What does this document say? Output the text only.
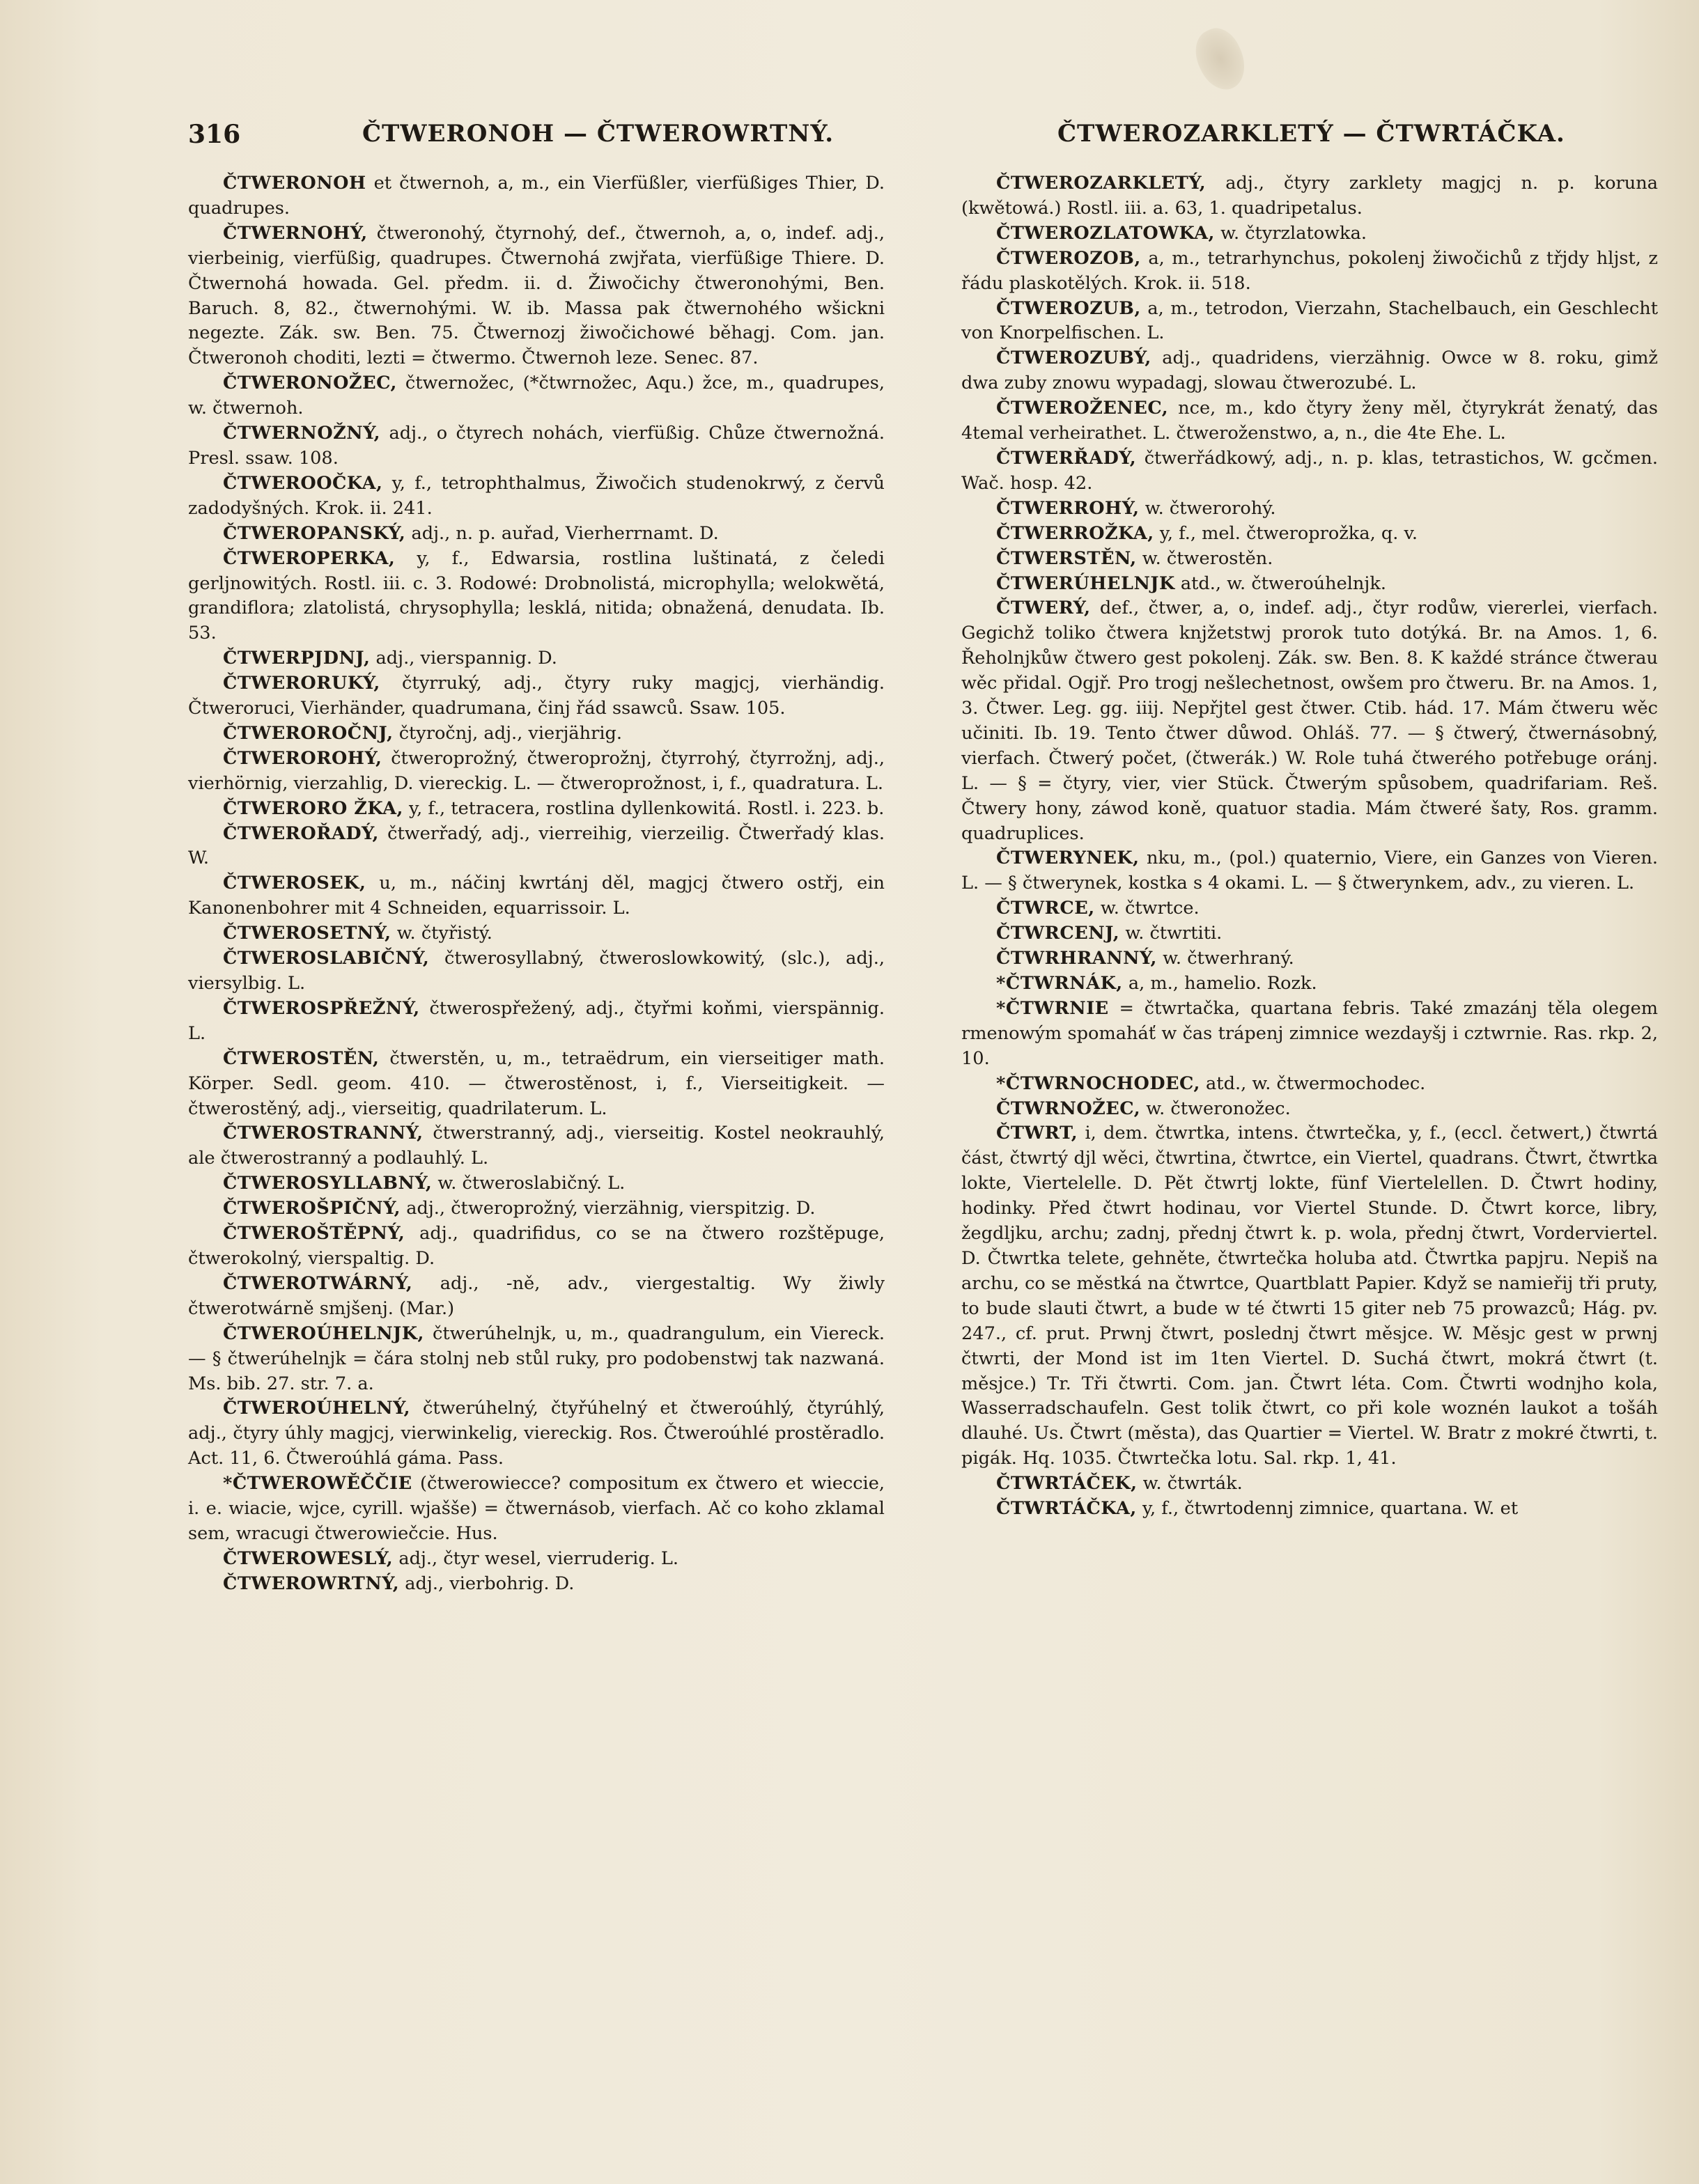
316	ČTWERONOH — ČTWEROWRTNÝ.	ČTWEROZARKLETÝ — ČTWRTÁČKA.

ČTWERONOH et čtwernoh, a, m., ein Vierfüßler, vierfüßiges Thier, D. quadrupes.

ČTWERNOHÝ, čtweronohý, čtyrnohý, def., čtwernoh, a, o, indef. adj., vierbeinig, vierfüßig, quadrupes. Čtwernohá zwjřata, vierfüßige Thiere. D. Čtwernohá howada. Gel. předm. ii. d. Žiwočichy čtweronohými, Ben. Baruch. 8, 82., čtwernohými. W. ib. Massa pak čtwernohého wšickni negezte. Zák. sw. Ben. 75. Čtwernozj žiwočichowé běhagj. Com. jan. Čtweronoh choditi, lezti = čtwermo. Čtwernoh leze. Senec. 87.

ČTWERONOŽEC, čtwernožec, (*čtwrnožec, Aqu.) žce, m., quadrupes, w. čtwernoh.

ČTWERNOŽNÝ, adj., o čtyrech nohách, vierfüßig. Chůze čtwernožná. Presl. ssaw. 108.

ČTWEROOČKA, y, f., tetrophthalmus, Žiwočich studenokrwý, z červů zadodyšných. Krok. ii. 241.

ČTWEROPANSKÝ, adj., n. p. auřad, Vierherrnamt. D.

ČTWEROPERKA, y, f., Edwarsia, rostlina luštinatá, z čeledi gerljnowitých. Rostl. iii. c. 3. Rodowé: Drobnolistá, microphylla; welokwětá, grandiflora; zlatolistá, chrysophylla; lesklá, nitida; obnažená, denudata. Ib. 53.

ČTWERPJDNJ, adj., vierspannig. D.

ČTWERORUKÝ, čtyrruký, adj., čtyry ruky magjcj, vierhändig. Čtweroruci, Vierhänder, quadrumana, činj řád ssawců. Ssaw. 105.

ČTWEROROČNJ, čtyročnj, adj., vierjährig.

ČTWEROROHÝ, čtweroprožný, čtweroprožnj, čtyrrohý, čtyrrožnj, adj., vierhörnig, vierzahlig, D. viereckig. L. — čtweroprožnost, i, f., quadratura. L.

ČTWERORO ŽKA, y, f., tetracera, rostlina dyllenkowitá. Rostl. i. 223. b.

ČTWEROŘADÝ, čtwerřadý, adj., vierreihig, vierzeilig. Čtwerřadý klas. W.

ČTWEROSEK, u, m., náčinj kwrtánj děl, magjcj čtwero ostřj, ein Kanonenbohrer mit 4 Schneiden, equarrissoir. L.

ČTWEROSETNÝ, w. čtyřistý.

ČTWEROSLABIČNÝ, čtwerosyllabný, čtweroslowkowitý, (slc.), adj., viersylbig. L.

ČTWEROSPŘEŽNÝ, čtwerospřežený, adj., čtyřmi koňmi, vierspännig. L.

ČTWEROSTĚN, čtwerstěn, u, m., tetraëdrum, ein vierseitiger math. Körper. Sedl. geom. 410. — čtwerostěnost, i, f., Vierseitigkeit. — čtwerostěný, adj., vierseitig, quadrilaterum. L.

ČTWEROSTRANNÝ, čtwerstranný, adj., vierseitig. Kostel neokrauhlý, ale čtwerostranný a podlauhlý. L.

ČTWEROSYLLABNÝ, w. čtweroslabičný. L.

ČTWEROŠPIČNÝ, adj., čtweroprožný, vierzähnig, vierspitzig. D.

ČTWEROŠTĚPNÝ, adj., quadrifidus, co se na čtwero rozštěpuge, čtwerokolný, vierspaltig. D.

ČTWEROTWÁRNÝ, adj., -ně, adv., viergestaltig. Wy žiwly čtwerotwárně smjšenj. (Mar.)

ČTWEROÚHELNJK, čtwerúhelnjk, u, m., quadrangulum, ein Viereck. — § čtwerúhelnjk = čára stolnj neb stůl ruky, pro podobenstwj tak nazwaná. Ms. bib. 27. str. 7. a.

ČTWEROÚHELNÝ, čtwerúhelný, čtyřúhelný et čtweroúhlý, čtyrúhlý, adj., čtyry úhly magjcj, vierwinkelig, viereckig. Ros. Čtweroúhlé prostěradlo. Act. 11, 6. Čtweroúhlá gáma. Pass.

*ČTWEROWĚČČIE (čtwerowiecce? compositum ex čtwero et wieccie, i. e. wiacie, wjce, cyrill. wjašše) = čtwernásob, vierfach. Ač co koho zklamal sem, wracugi čtwerowiečcie. Hus.

ČTWEROWESLÝ, adj., čtyr wesel, vierruderig. L.

ČTWEROWRTNÝ, adj., vierbohrig. D.

ČTWEROZARKLETÝ, adj., čtyry zarklety magjcj n. p. koruna (kwětowá.) Rostl. iii. a. 63, 1. quadripetalus.

ČTWEROZLATOWKA, w. čtyrzlatowka.

ČTWEROZOB, a, m., tetrarhynchus, pokolenj žiwočichů z třjdy hljst, z řádu plaskotělých. Krok. ii. 518.

ČTWEROZUB, a, m., tetrodon, Vierzahn, Stachelbauch, ein Geschlecht von Knorpelfischen. L.

ČTWEROZUBÝ, adj., quadridens, vierzähnig. Owce w 8. roku, gimž dwa zuby znowu wypadagj, slowau čtwerozubé. L.

ČTWEROŽENEC, nce, m., kdo čtyry ženy měl, čtyrykrát ženatý, das 4temal verheirathet. L. čtwerоženstwo, a, n., die 4te Ehe. L.

ČTWERŘADÝ, čtwerřádkowý, adj., n. p. klas, tetrastichos, W. gcčmen. Wač. hosp. 42.

ČTWERROHÝ, w. čtwerorohý.

ČTWERROŽKA, y, f., mel. čtweroprožka, q. v.

ČTWERSTĚN, w. čtwerostěn.

ČTWERÚHELNJK atd., w. čtweroúhelnjk.

ČTWERÝ, def., čtwer, a, o, indef. adj., čtyr rodůw, viererlei, vierfach. Gegichž toliko čtwera knjžetstwj prorok tuto dotýká. Br. na Amos. 1, 6. Řeholnjkůw čtwero gest pokolenj. Zák. sw. Ben. 8. K každé stránce čtwerau wěc přidal. Ogjř. Pro trogj nešlechetnost, owšem pro čtweru. Br. na Amos. 1, 3. Čtwer. Leg. gg. iiij. Nepřjtel gest čtwer. Ctib. hád. 17. Mám čtweru wěc učiniti. Ib. 19. Tento čtwer důwod. Ohláš. 77. — § čtwerý, čtwernásobný, vierfach. Čtwerý počet, (čtwerák.) W. Role tuhá čtwerého potřebuge oránj. L. — § = čtyry, vier, vier Stück. Čtwerým spůsobem, quadrifariam. Reš. Čtwery hony, záwod koně, quatuor stadia. Mám čtweré šaty, Ros. gramm. quadruplices.

ČTWERYNEK, nku, m., (pol.) quaternio, Viere, ein Ganzes von Vieren. L. — § čtwerynek, kostka s 4 okami. L. — § čtwerynkem, adv., zu vieren. L.

ČTWRCE, w. čtwrtce.

ČTWRCENJ, w. čtwrtiti.

ČTWRHRANNÝ, w. čtwerhraný.

*ČTWRNÁK, a, m., hamelio. Rozk.

*ČTWRNIE = čtwrtačka, quartana febris. Také zmazánj těla olegem rmenowým spomaháť w čas trápenj zimnice wezdayšj i cztwrnie. Ras. rkp. 2, 10.

*ČTWRNOCHODEC, atd., w. čtwermochodec.

ČTWRNOŽEC, w. čtweronožec.

ČTWRT, i, dem. čtwrtka, intens. čtwrtečka, y, f., (eccl. četwert,) čtwrtá část, čtwrtý djl wěci, čtwrtina, čtwrtce, ein Viertel, quadrans. Čtwrt, čtwrtka lokte, Viertelelle. D. Pět čtwrtj lokte, fünf Viertelellen. D. Čtwrt hodiny, hodinky. Před čtwrt hodinau, vor Viertel Stunde. D. Čtwrt korce, libry, žegdljku, archu; zadnj, přednj čtwrt k. p. wola, přednj čtwrt, Vorderviertel. D. Čtwrtka telete, gehněte, čtwrtečka holuba atd. Čtwrtka papjru. Nepiš na archu, co se městká na čtwrtce, Quartblatt Papier. Když se namieřij tři pruty, to bude slauti čtwrt, a bude w té čtwrti 15 giter neb 75 prowazců; Hág. pv. 247., cf. prut. Prwnj čtwrt, poslednj čtwrt měsjce. W. Měsjc gest w prwnj čtwrti, der Mond ist im 1ten Viertel. D. Suchá čtwrt, mokrá čtwrt (t. měsjce.) Tr. Tři čtwrti. Com. jan. Čtwrt léta. Com. Čtwrti wodnjho kola, Wasserradschaufeln. Gest tolik čtwrt, co při kole woznén laukot a tošáh dlauhé. Us. Čtwrt (města), das Quartier = Viertel. W. Bratr z mokré čtwrti, t. pigák. Hq. 1035. Čtwrtečka lotu. Sal. rkp. 1, 41.

ČTWRTÁČEK, w. čtwrták.

ČTWRTÁČKA, y, f., čtwrtodennj zimnice, quartana. W. et
